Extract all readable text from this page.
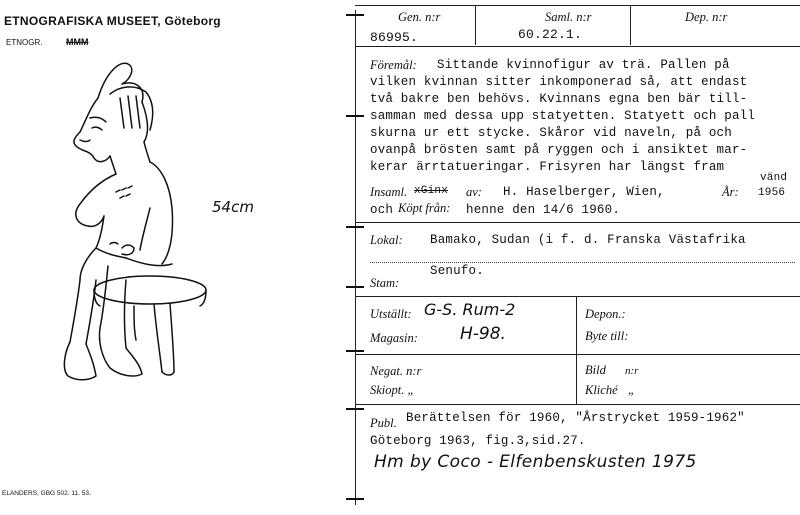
ETNOGRAFISKA MUSEET, Göteborg
ETNOGR.	MMM
54cm
ELANDERS, GBG 502. 11. 53.
Gen. n:r	Saml. n:r	Dep. n:r
86995.	60.22.1.
Föremål: Sittande kvinnofigur av trä. Pallen på
vilken kvinnan sitter inkomponerad så, att endast
två bakre ben behövs. Kvinnans egna ben bär till-
samman med dessa upp statyetten. Statyett och pall
skurna ur ett stycke. Skåror vid naveln, på och
ovanpå brösten samt på ryggen och i ansiktet mar-
kerar ärrtatueringar. Frisyren har längst fram
vänd
Insaml. xGinx av: H. Haselberger, Wien,	År: 1956
och Köpt från: henne den 14/6 1960.
Lokal: Bamako, Sudan (i f. d. Franska Västafrika
Senufo.
Stam:
Utställt: G-S. Rum-2
Magasin: H-98.
Depon.:
Byte till:
Negat. n:r	Bild n:r
Skiopt. „	Kliché „
Publ. Berättelsen för 1960, "Årstrycket 1959-1962"
Göteborg 1963, fig.3,sid.27.
Hm by Coco - Elfenbenskusten 1975
